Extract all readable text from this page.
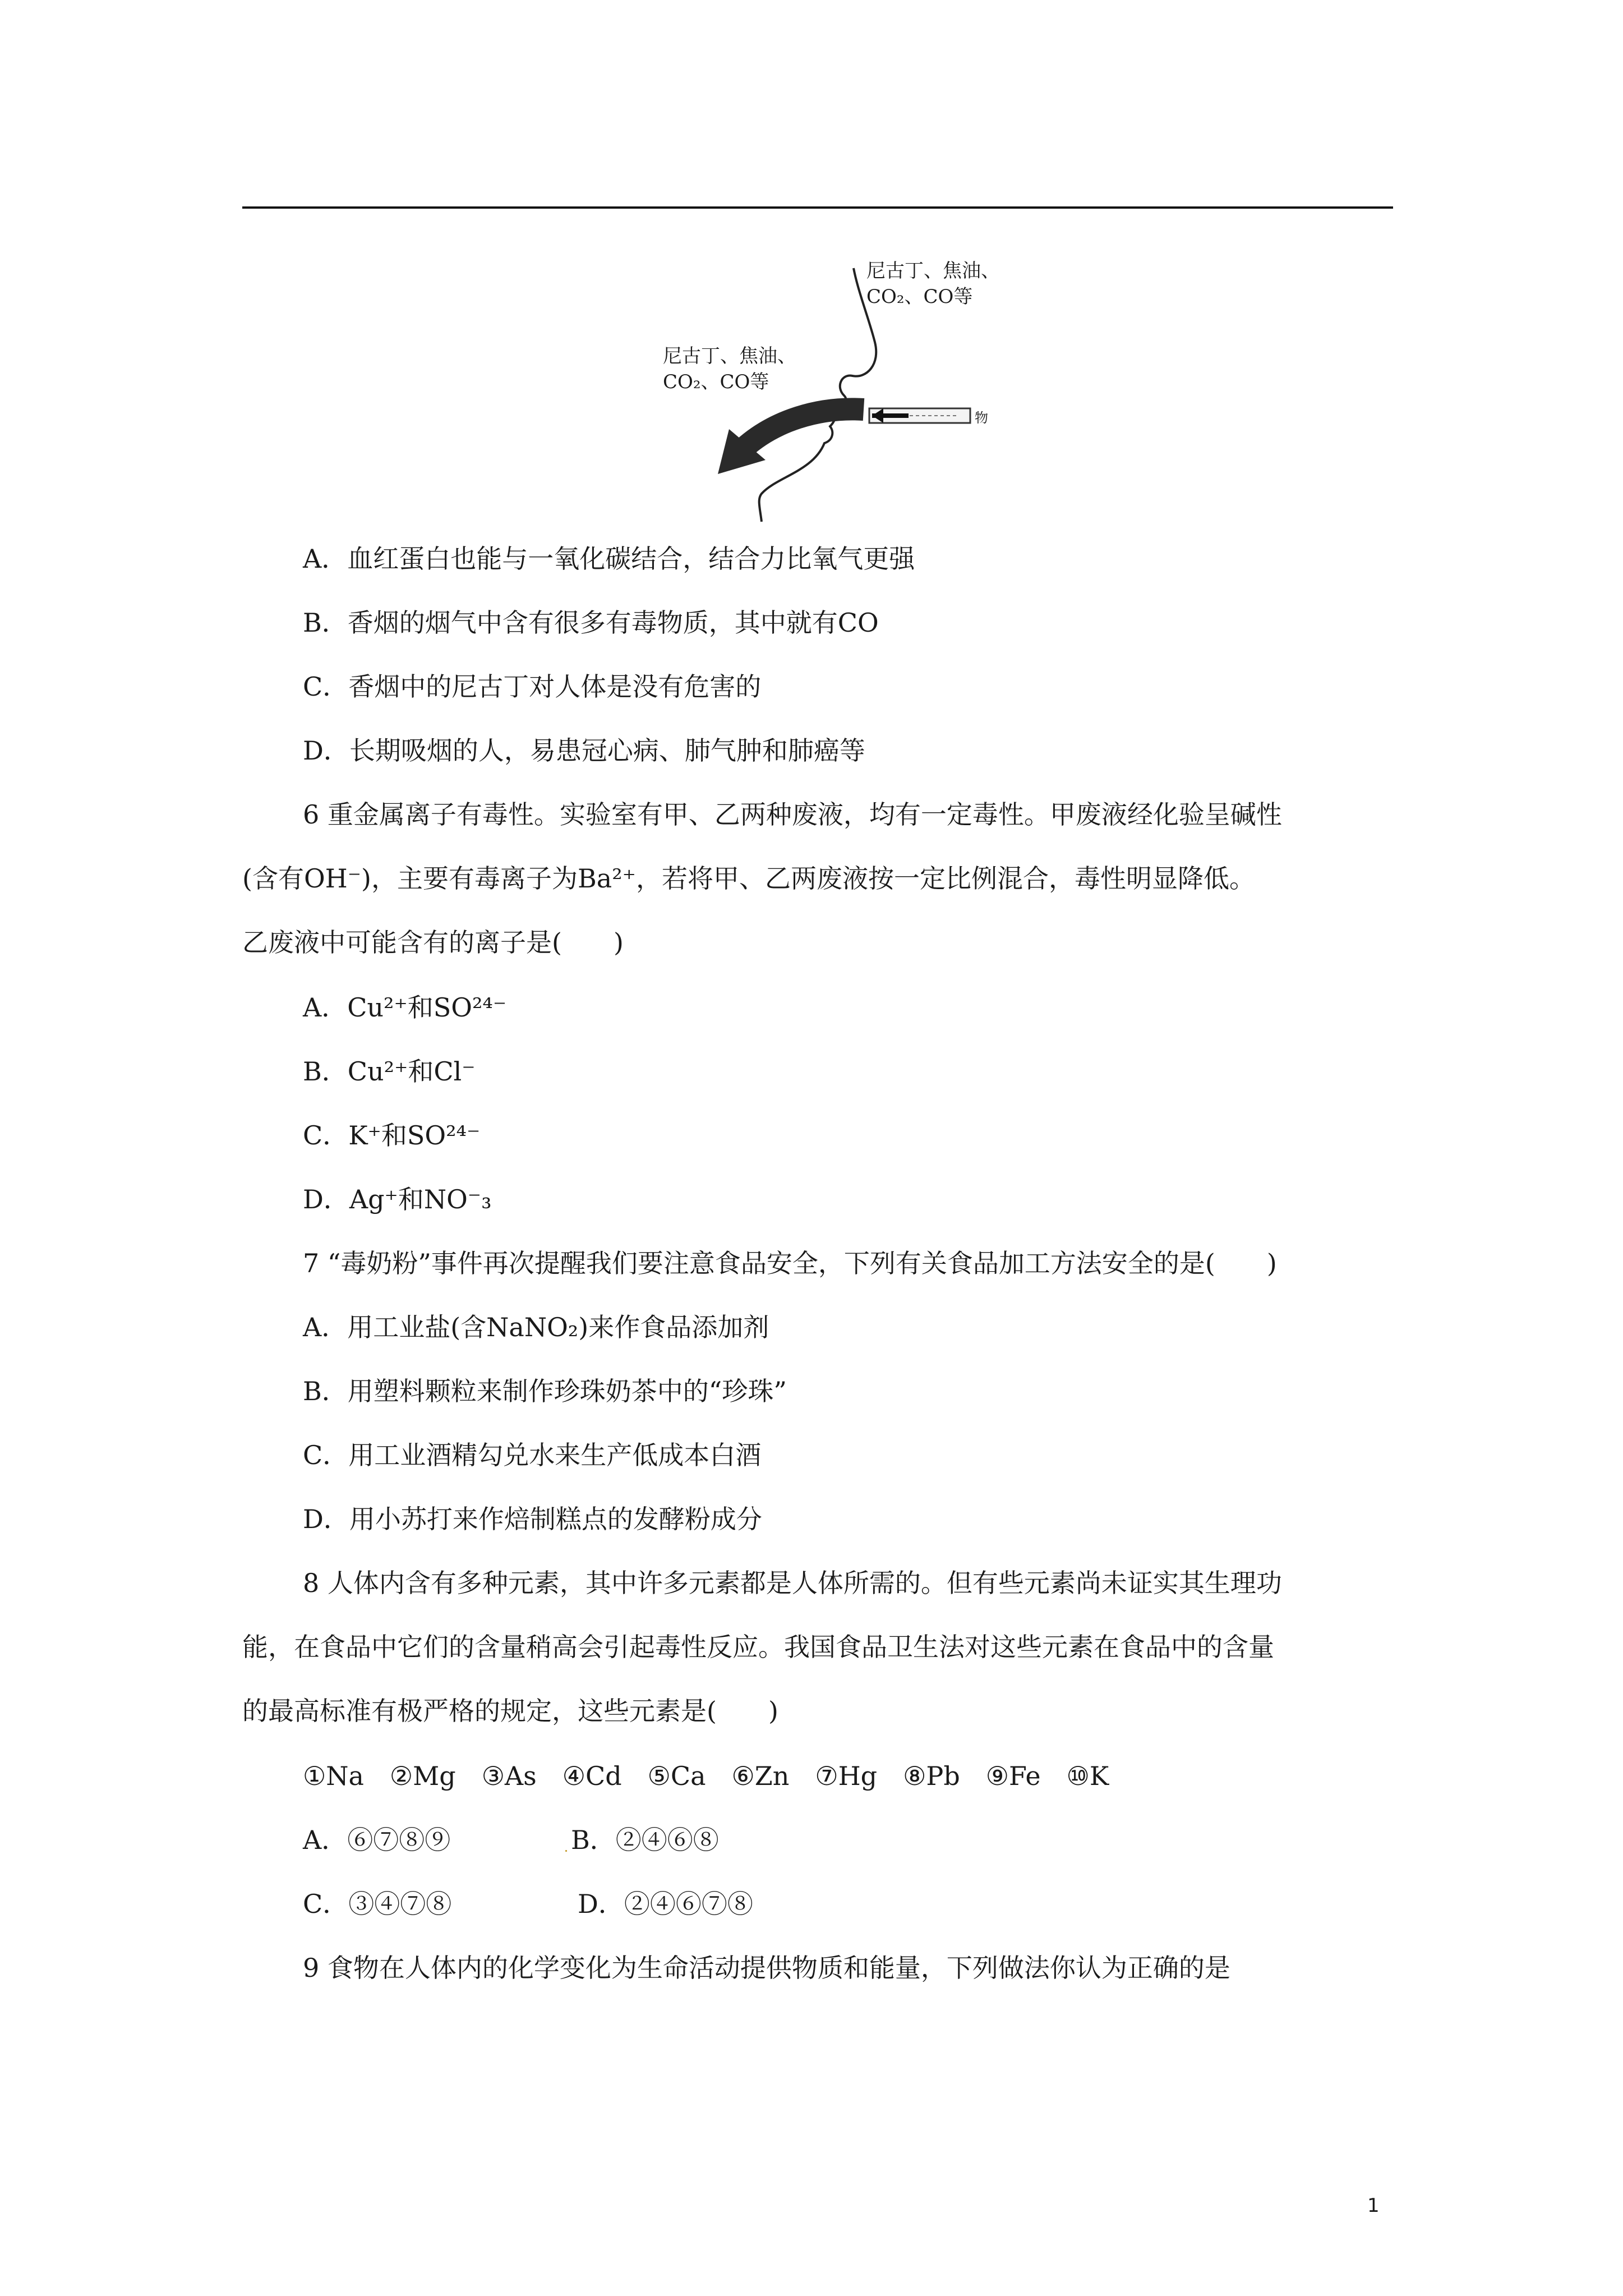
尼古丁、焦油、
CO₂、CO等
尼古丁、焦油、
CO₂、CO等
物
A．血红蛋白也能与一氧化碳结合，结合力比氧气更强
B．香烟的烟气中含有很多有毒物质，其中就有CO
C．香烟中的尼古丁对人体是没有危害的
D．长期吸烟的人，易患冠心病、肺气肿和肺癌等
6 重金属离子有毒性。实验室有甲、乙两种废液，均有一定毒性。甲废液经化验呈碱性
(含有OH⁻)，主要有毒离子为Ba²⁺，若将甲、乙两废液按一定比例混合，毒性明显降低。
乙废液中可能含有的离子是(　　)
A．Cu²⁺和SO²⁴⁻
B．Cu²⁺和Cl⁻
C．K⁺和SO²⁴⁻
D．Ag⁺和NO⁻₃
7 “毒奶粉”事件再次提醒我们要注意食品安全，下列有关食品加工方法安全的是(　　)
A．用工业盐(含NaNO₂)来作食品添加剂
B．用塑料颗粒来制作珍珠奶茶中的“珍珠”
C．用工业酒精勾兑水来生产低成本白酒
D．用小苏打来作焙制糕点的发酵粉成分
8 人体内含有多种元素，其中许多元素都是人体所需的。但有些元素尚未证实其生理功
能，在食品中它们的含量稍高会引起毒性反应。我国食品卫生法对这些元素在食品中的含量
的最高标准有极严格的规定，这些元素是(　　)
①Na　②Mg　③As　④Cd　⑤Ca　⑥Zn　⑦Hg　⑧Pb　⑨Fe　⑩K
A．⑥⑦⑧⑨	B．②④⑥⑧
C．③④⑦⑧	D．②④⑥⑦⑧
9 食物在人体内的化学变化为生命活动提供物质和能量，下列做法你认为正确的是
1
